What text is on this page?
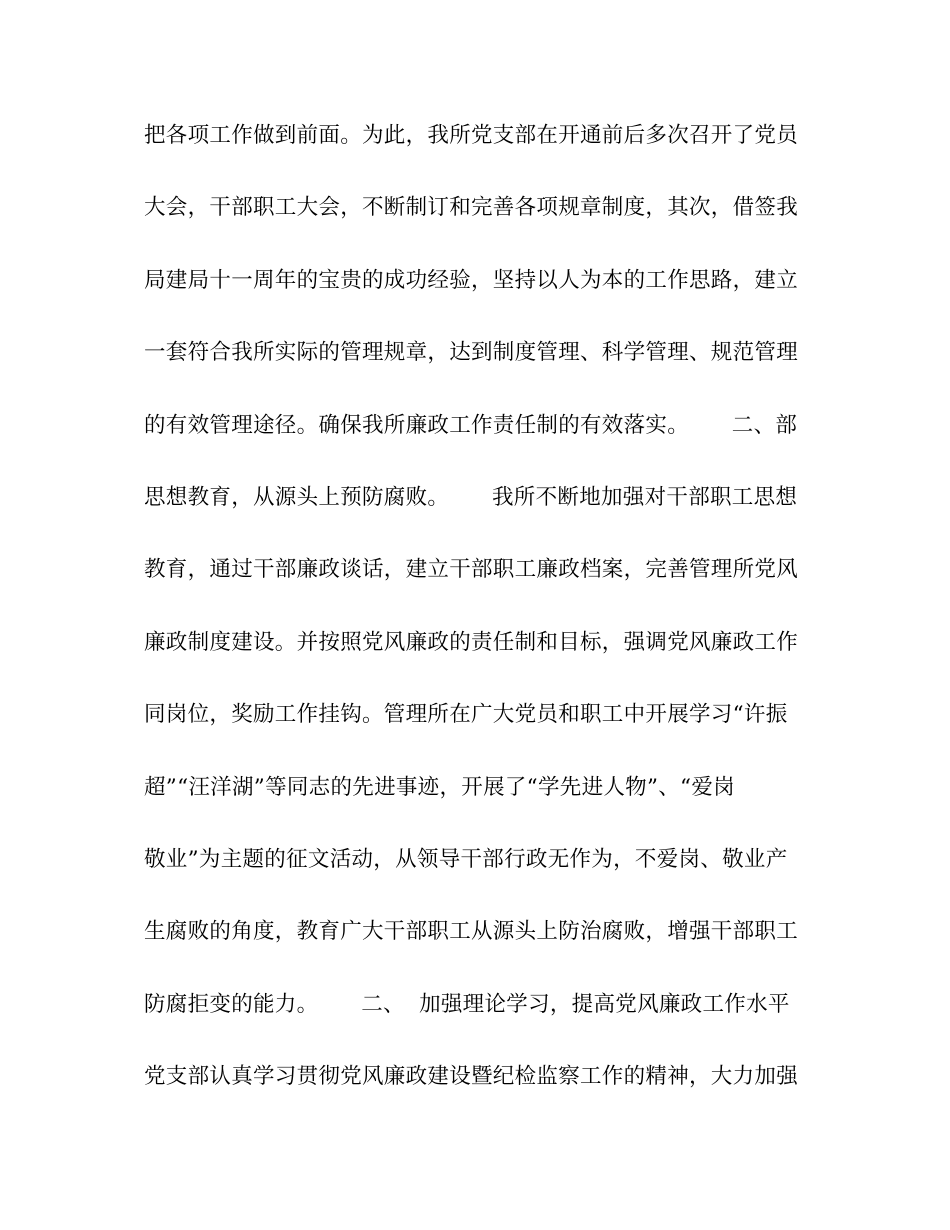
把各项工作做到前面。为此，我所党支部在开通前后多次召开了党员
大会，干部职工大会，不断制订和完善各项规章制度，其次，借签我
局建局十一周年的宝贵的成功经验，坚持以人为本的工作思路，建立
一套符合我所实际的管理规章，达到制度管理、科学管理、规范管理
的有效管理途径。确保我所廉政工作责任制的有效落实。      二、部
思想教育，从源头上预防腐败。      我所不断地加强对干部职工思想
教育，通过干部廉政谈话，建立干部职工廉政档案，完善管理所党风
廉政制度建设。并按照党风廉政的责任制和目标，强调党风廉政工作
同岗位，奖励工作挂钩。管理所在广大党员和职工中开展学习“许振
超”“汪洋湖”等同志的先进事迹，开展了“学先进人物”、“爱岗
敬业”为主题的征文活动，从领导干部行政无作为，不爱岗、敬业产
生腐败的角度，教育广大干部职工从源头上防治腐败，增强干部职工
防腐拒变的能力。      二、  加强理论学习，提高党风廉政工作水平
党支部认真学习贯彻党风廉政建设暨纪检监察工作的精神，大力加强
